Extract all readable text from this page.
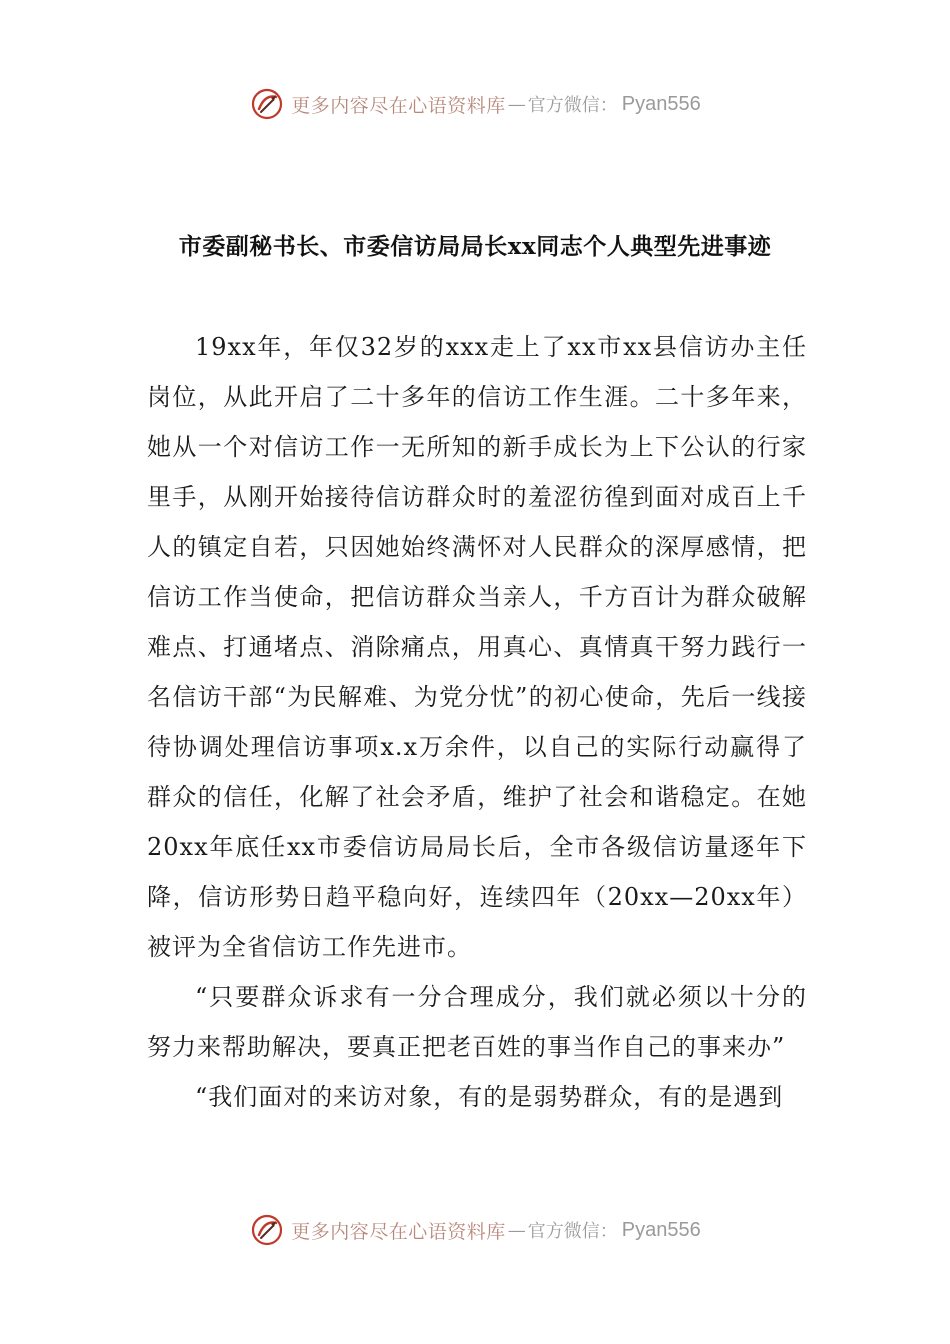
更多内容尽在心语资料库 — 官方微信： Pyan556
市委副秘书长、市委信访局局长xx同志个人典型先进事迹

19xx年，年仅32岁的xxx走上了xx市xx县信访办主任岗位，从此开启了二十多年的信访工作生涯。二十多年来，她从一个对信访工作一无所知的新手成长为上下公认的行家里手，从刚开始接待信访群众时的羞涩彷徨到面对成百上千人的镇定自若，只因她始终满怀对人民群众的深厚感情，把信访工作当使命，把信访群众当亲人，千方百计为群众破解难点、打通堵点、消除痛点，用真心、真情真干努力践行一名信访干部“为民解难、为党分忧”的初心使命，先后一线接待协调处理信访事项x.x万余件，以自己的实际行动赢得了群众的信任，化解了社会矛盾，维护了社会和谐稳定。在她20xx年底任xx市委信访局局长后，全市各级信访量逐年下降，信访形势日趋平稳向好，连续四年（20xx—20xx年）被评为全省信访工作先进市。

“只要群众诉求有一分合理成分，我们就必须以十分的努力来帮助解决，要真正把老百姓的事当作自己的事来办”

“我们面对的来访对象，有的是弱势群众，有的是遇到

更多内容尽在心语资料库 — 官方微信： Pyan556
